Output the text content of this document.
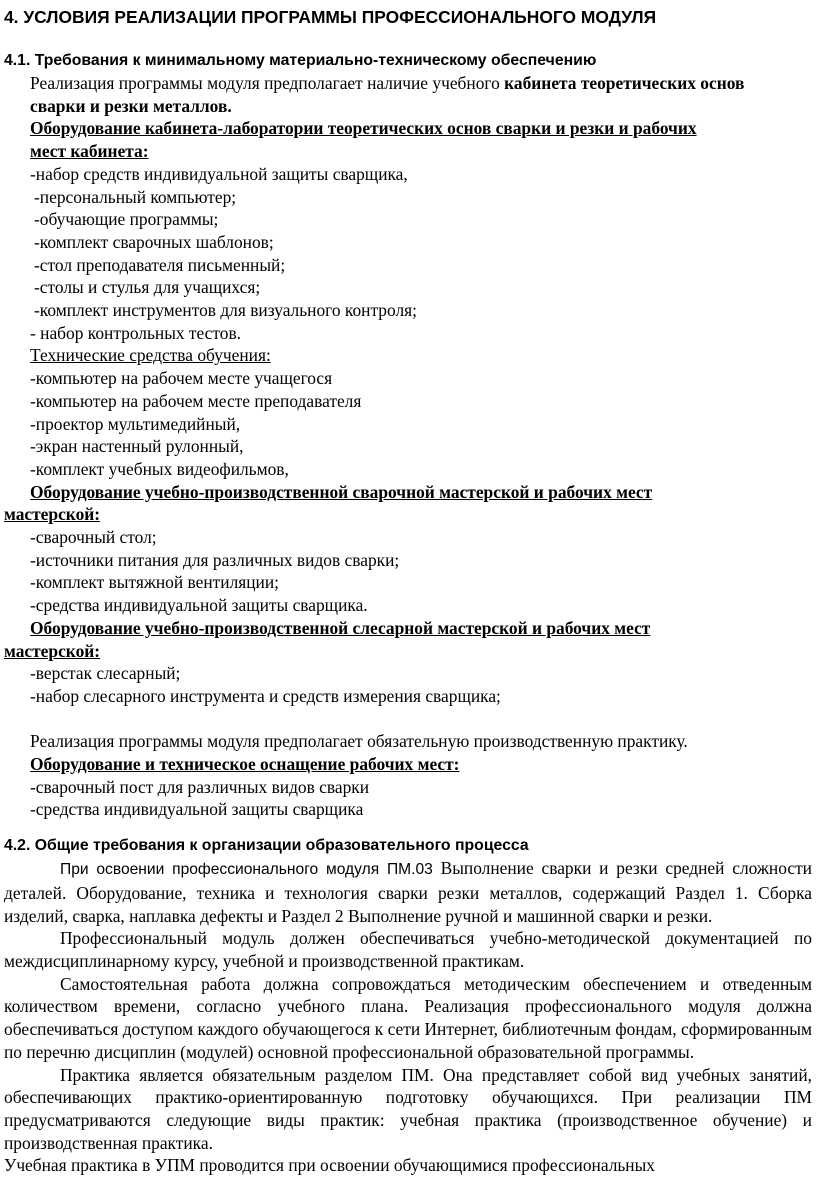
4. УСЛОВИЯ РЕАЛИЗАЦИИ ПРОГРАММЫ ПРОФЕССИОНАЛЬНОГО МОДУЛЯ
4.1. Требования к минимальному материально-техническому обеспечению
Реализация программы модуля предполагает наличие учебного кабинета теоретических основ
сварки и резки металлов.
Оборудование кабинета-лаборатории теоретических основ сварки и резки и рабочих
мест кабинета:
-набор средств индивидуальной защиты сварщика,
-персональный компьютер;
-обучающие программы;
-комплект сварочных шаблонов;
-стол преподавателя письменный;
-столы и стулья для учащихся;
-комплект инструментов для визуального контроля;
- набор контрольных тестов.
Технические средства обучения:
-компьютер на рабочем месте учащегося
-компьютер на рабочем месте преподавателя
-проектор мультимедийный,
-экран настенный рулонный,
-комплект учебных видеофильмов,
Оборудование учебно-производственной сварочной мастерской и рабочих мест
мастерской:
-сварочный стол;
-источники питания для различных видов сварки;
-комплект вытяжной вентиляции;
-средства индивидуальной защиты сварщика.
Оборудование учебно-производственной слесарной мастерской и рабочих мест
мастерской:
-верстак слесарный;
-набор слесарного инструмента и средств измерения сварщика;
Реализация программы модуля предполагает обязательную производственную практику.
Оборудование и техническое оснащение рабочих мест:
-сварочный пост для различных видов сварки
-средства индивидуальной защиты сварщика
4.2. Общие требования к организации образовательного процесса

При освоении профессионального модуля ПМ.03 Выполнение сварки и резки средней сложности деталей. Оборудование, техника и технология сварки резки металлов, содержащий Раздел 1. Сборка изделий, сварка, наплавка дефекты и Раздел 2 Выполнение ручной и машинной сварки и резки.

Профессиональный модуль должен обеспечиваться учебно-методической документацией по междисциплинарному курсу, учебной и производственной практикам.

Самостоятельная работа должна сопровождаться методическим обеспечением и отведенным количеством времени, согласно учебного плана. Реализация профессионального модуля должна обеспечиваться доступом каждого обучающегося к сети Интернет, библиотечным фондам, сформированным по перечню дисциплин (модулей) основной профессиональной образовательной программы.

Практика является обязательным разделом ПМ. Она представляет собой вид учебных занятий, обеспечивающих практико-ориентированную подготовку обучающихся. При реализации ПМ предусматриваются следующие виды практик: учебная практика (производственное обучение) и производственная практика.

Учебная практика в УПМ проводится при освоении обучающимися профессиональных
